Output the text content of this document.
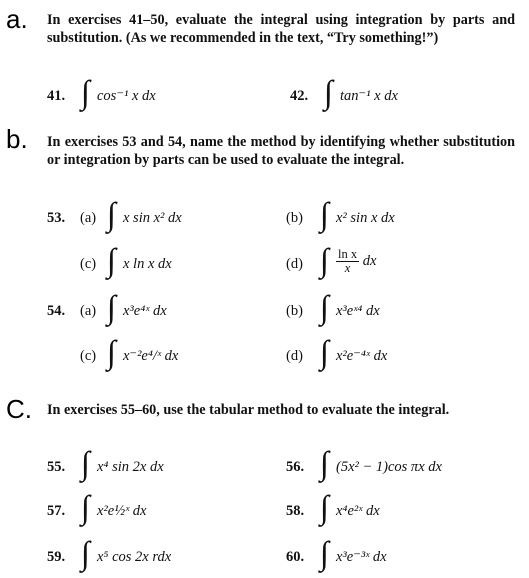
a. In exercises 41–50, evaluate the integral using integration by parts and substitution. (As we recommended in the text, “Try something!”)

41. ∫ cos⁻¹ x dx	42. ∫ tan⁻¹ x dx
b. In exercises 53 and 54, name the method by identifying whether substitution or integration by parts can be used to evaluate the integral.

53. (a) ∫ x sin x² dx	(b) ∫ x² sin x dx
(c) ∫ x ln x dx	(d) ∫ $\frac{\text{ln x}}{x}$ dx
54. (a) ∫ x³e⁴ˣ dx	(b) ∫ x³eˣ⁴ dx
(c) ∫ x⁻²e⁴/ˣ dx	(d) ∫ x²e⁻⁴ˣ dx
C. In exercises 55–60, use the tabular method to evaluate the integral.

55. ∫ x⁴ sin 2x dx	56. ∫ (5x² − 1)cos πx dx
57. ∫ x²e½ˣ dx	58. ∫ x⁴e²ˣ dx
59. ∫ x⁵ cos 2x rdx	60. ∫ x³e⁻³ˣ dx
